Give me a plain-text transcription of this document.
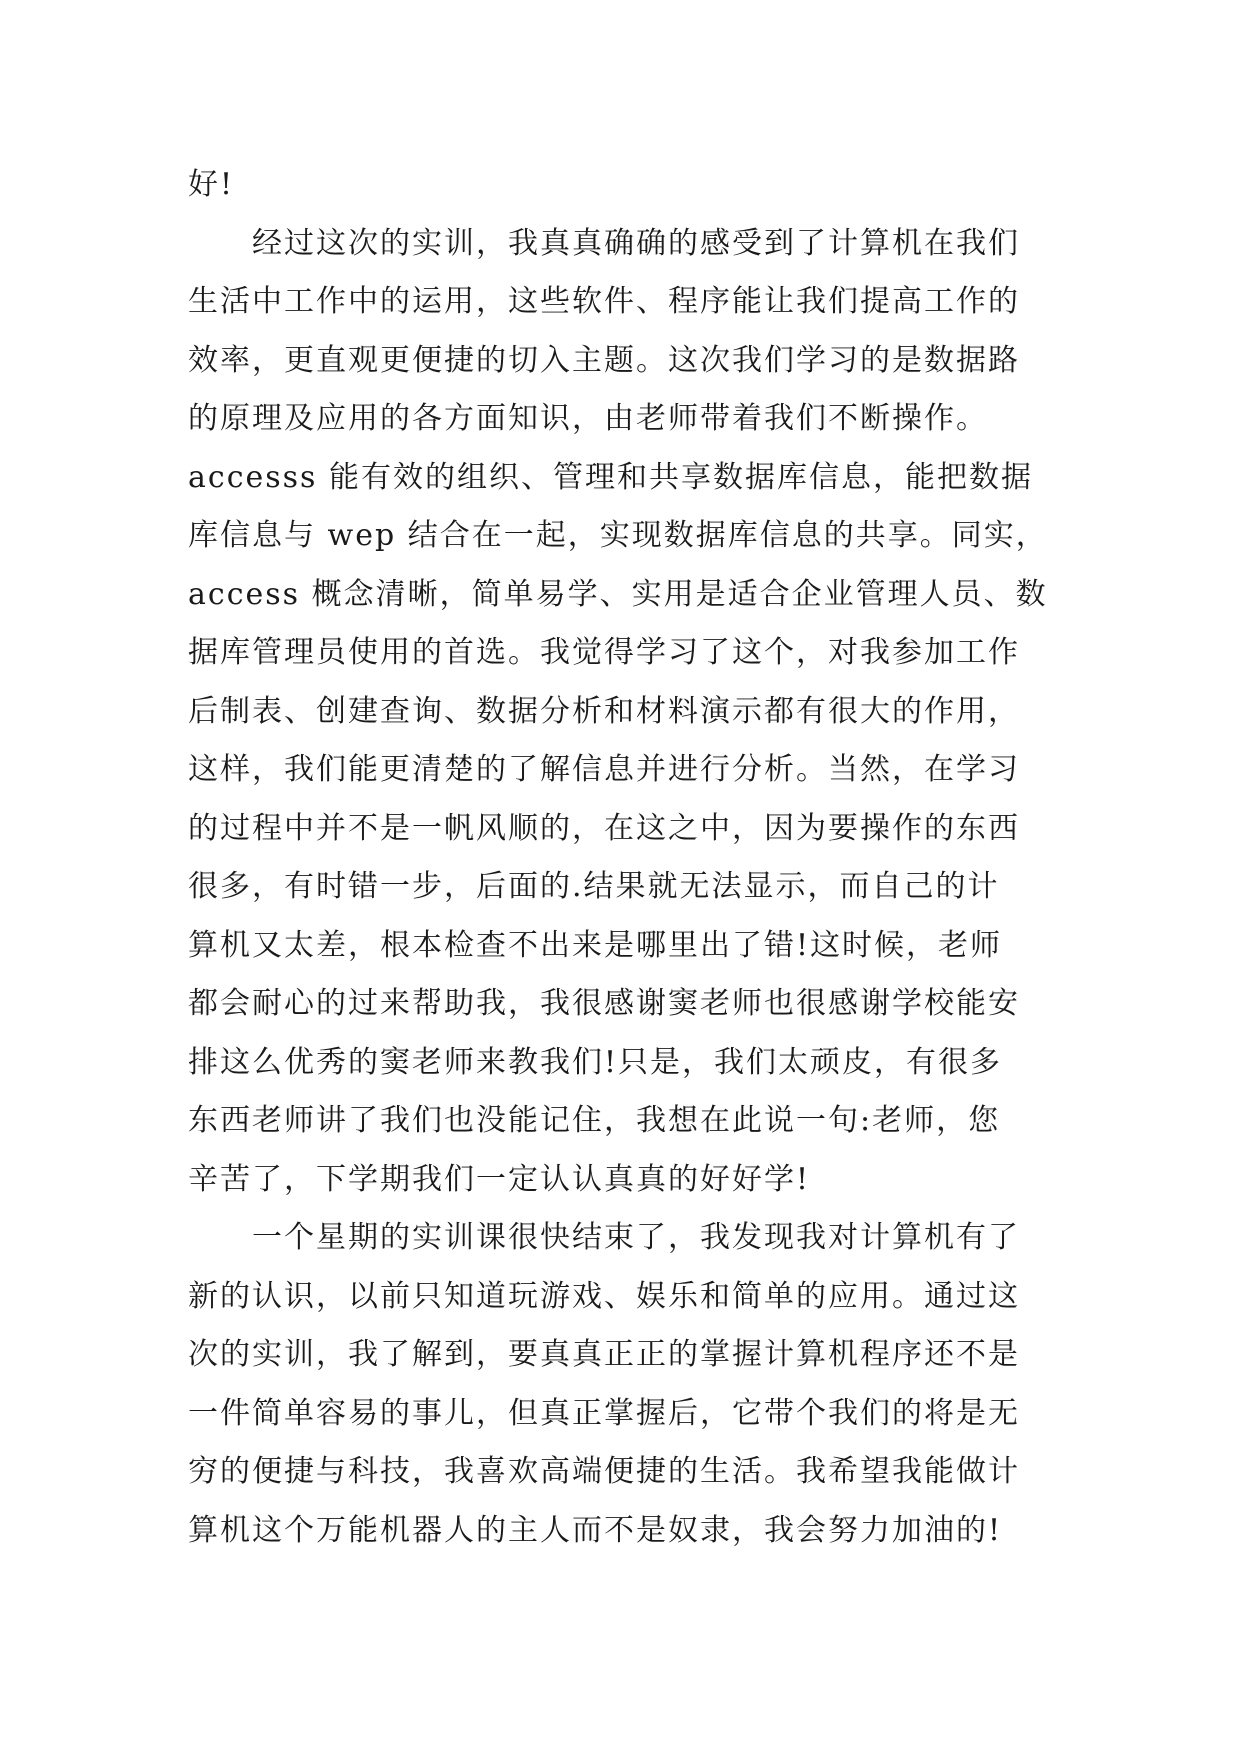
好!
经过这次的实训，我真真确确的感受到了计算机在我们
生活中工作中的运用，这些软件、程序能让我们提高工作的
效率，更直观更便捷的切入主题。这次我们学习的是数据路
的原理及应用的各方面知识，由老师带着我们不断操作。
accesss 能有效的组织、管理和共享数据库信息，能把数据
库信息与 wep 结合在一起，实现数据库信息的共享。同实，
access 概念清晰，简单易学、实用是适合企业管理人员、数
据库管理员使用的首选。我觉得学习了这个，对我参加工作
后制表、创建查询、数据分析和材料演示都有很大的作用，
这样，我们能更清楚的了解信息并进行分析。当然，在学习
的过程中并不是一帆风顺的，在这之中，因为要操作的东西
很多，有时错一步，后面的.结果就无法显示，而自己的计
算机又太差，根本检查不出来是哪里出了错!这时候，老师
都会耐心的过来帮助我，我很感谢窦老师也很感谢学校能安
排这么优秀的窦老师来教我们!只是，我们太顽皮，有很多
东西老师讲了我们也没能记住，我想在此说一句:老师，您
辛苦了，下学期我们一定认认真真的好好学!
一个星期的实训课很快结束了，我发现我对计算机有了
新的认识，以前只知道玩游戏、娱乐和简单的应用。通过这
次的实训，我了解到，要真真正正的掌握计算机程序还不是
一件简单容易的事儿，但真正掌握后，它带个我们的将是无
穷的便捷与科技，我喜欢高端便捷的生活。我希望我能做计
算机这个万能机器人的主人而不是奴隶，我会努力加油的!
